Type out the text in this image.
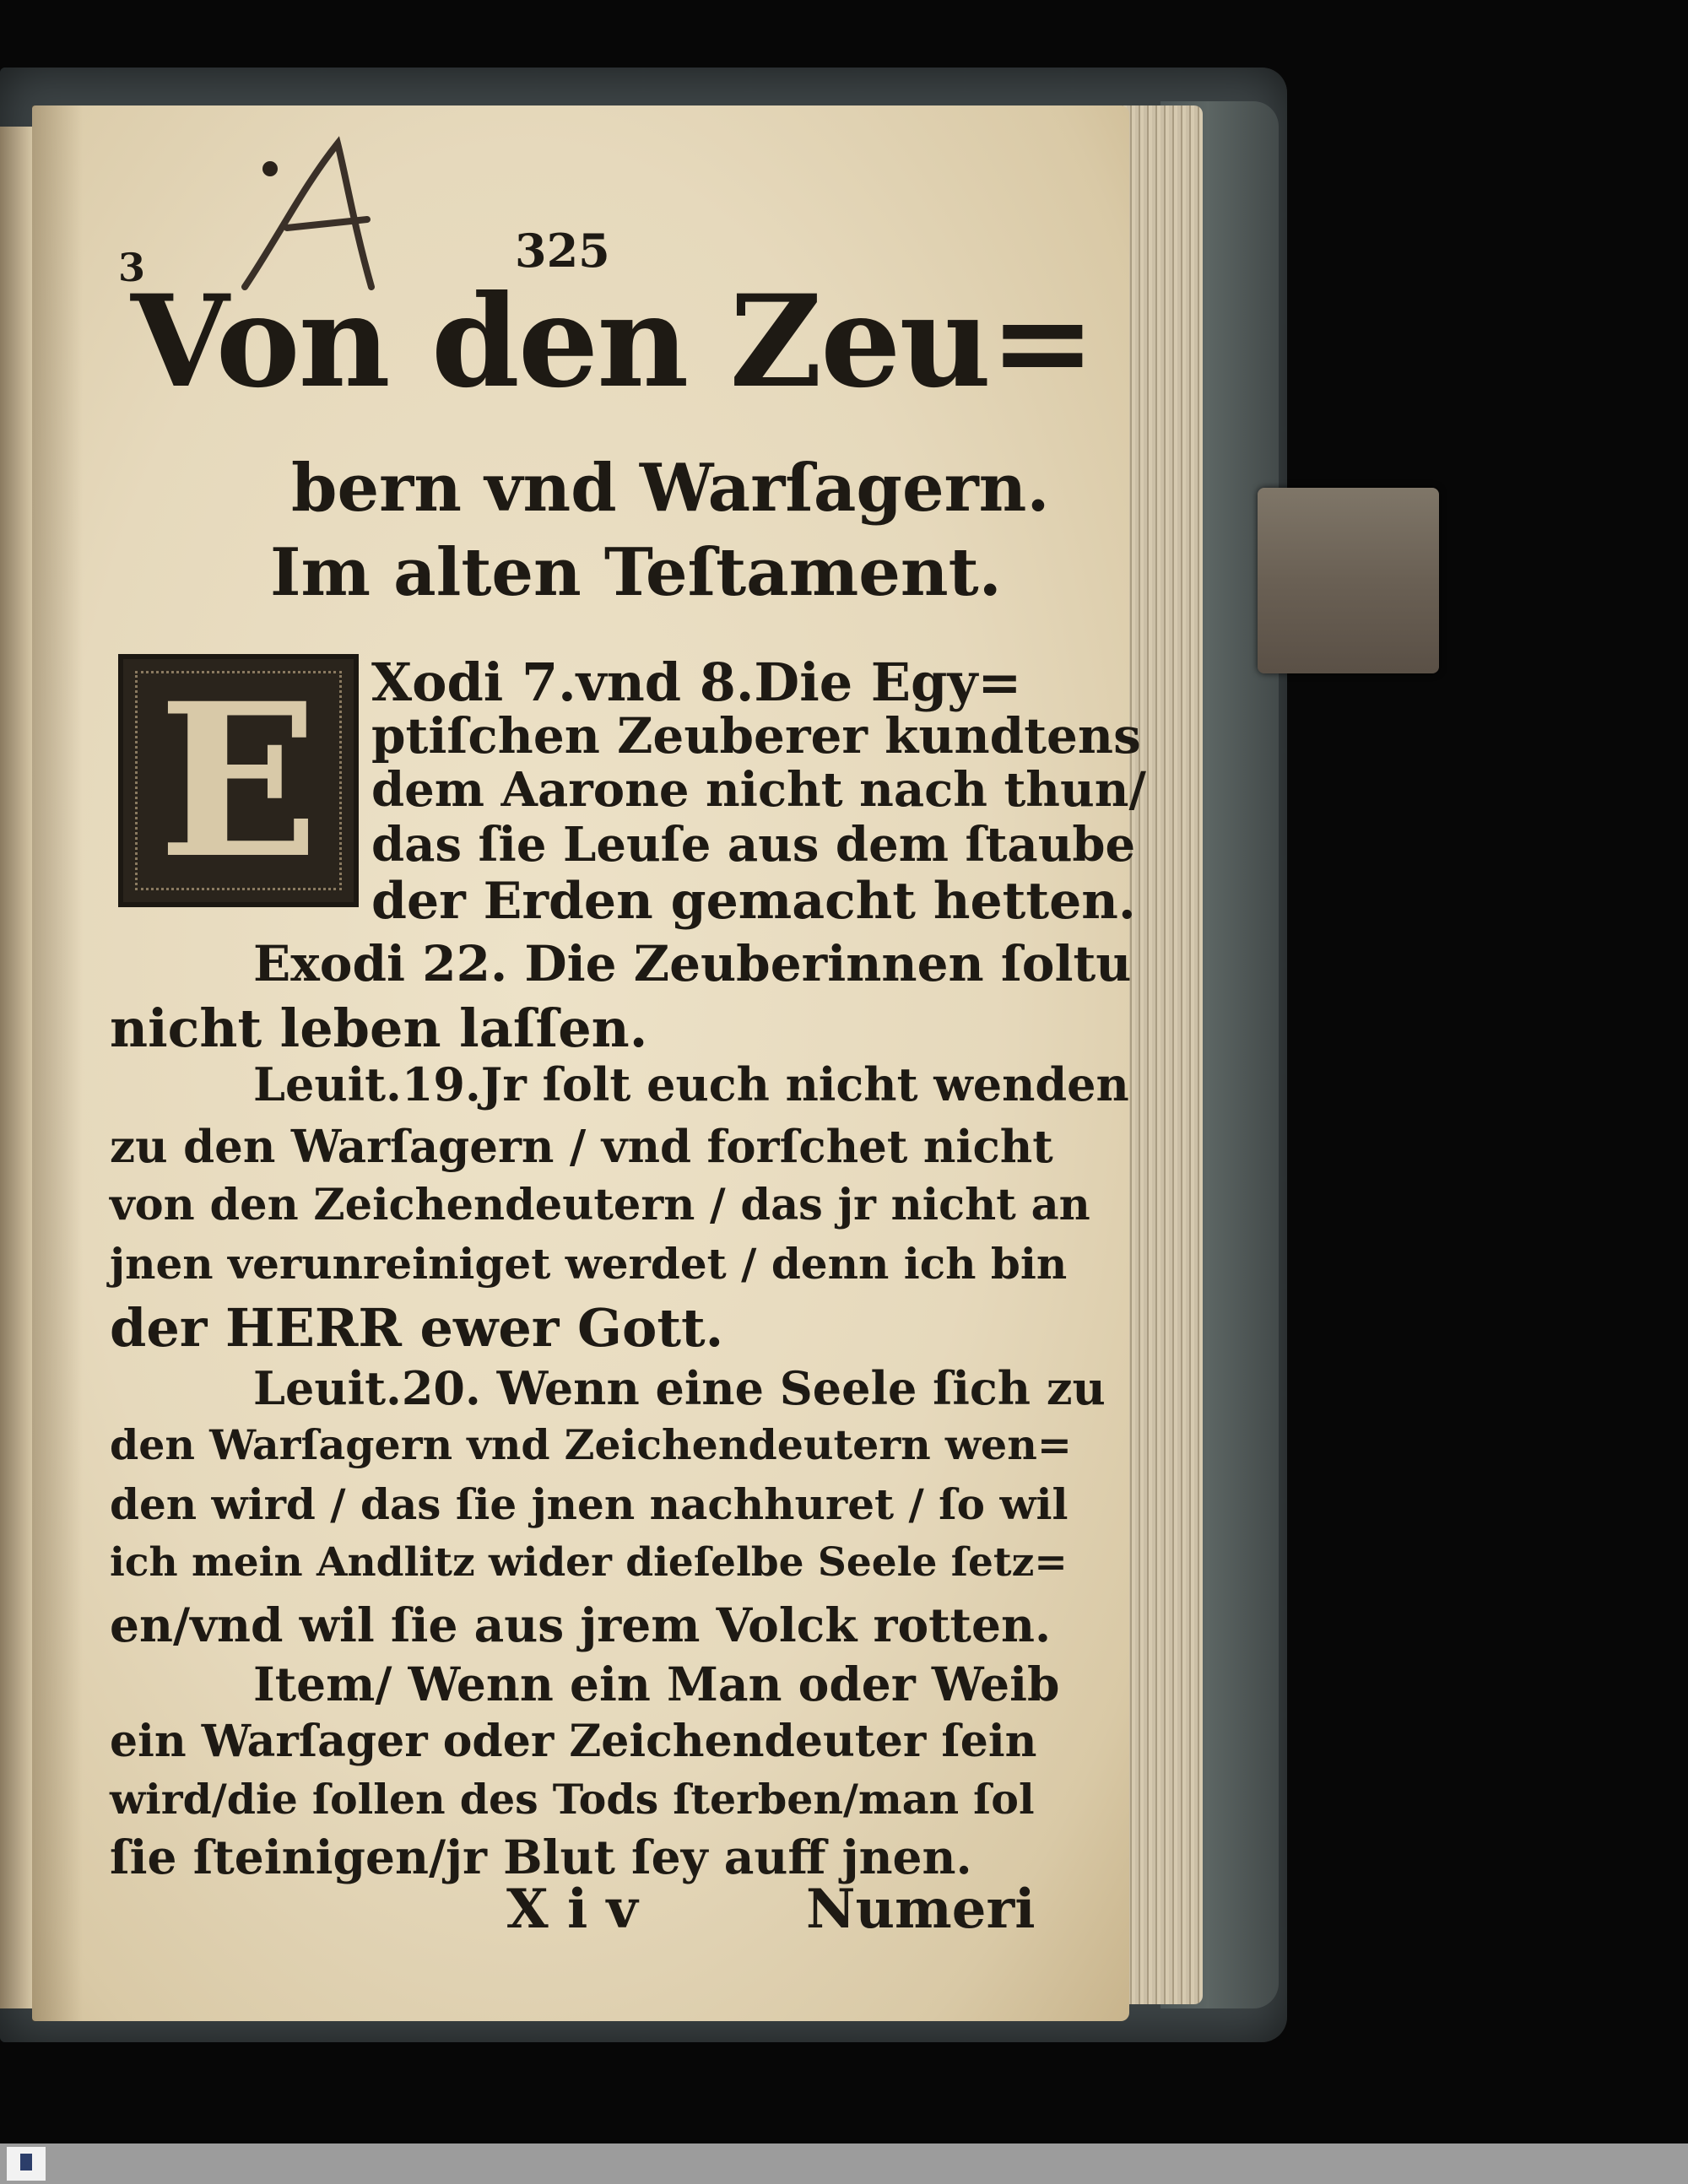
3	325
Von den Zeu=
bern vnd Warſagern.
Im alten Teſtament.
E	Xodi 7.vnd 8.Die Egy=
ptiſchen Zeuberer kundtens
dem Aarone nicht nach thun/
das ſie Leuſe aus dem ſtaube
der Erden gemacht hetten.
Exodi 22. Die Zeuberinnen ſoltu
nicht leben laſſen.
Leuit.19.Jr ſolt euch nicht wenden
zu den Warſagern / vnd forſchet nicht
von den Zeichendeutern / das jr nicht an
jnen verunreiniget werdet / denn ich bin
der HERR ewer Gott.
Leuit.20. Wenn eine Seele ſich zu
den Warſagern vnd Zeichendeutern wen=
den wird / das ſie jnen nachhuret / ſo wil
ich mein Andlitz wider dieſelbe Seele ſetz=
en/vnd wil ſie aus jrem Volck rotten.
Item/ Wenn ein Man oder Weib
ein Warſager oder Zeichendeuter ſein
wird/die ſollen des Tods ſterben/man ſol
ſie ſteinigen/jr Blut ſey auff jnen.
X i v	Numeri
